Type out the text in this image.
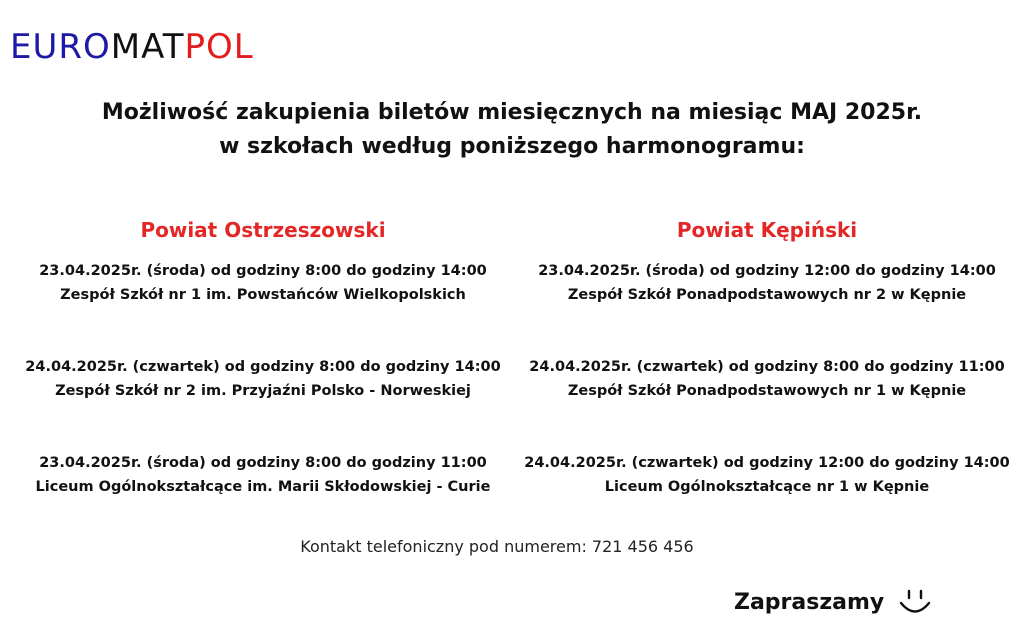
EUROMATPOL
Możliwość zakupienia biletów miesięcznych na miesiąc MAJ 2025r.
w szkołach według poniższego harmonogramu:
Powiat Ostrzeszowski
23.04.2025r. (środa) od godziny 8:00 do godziny 14:00
Zespół Szkół nr 1 im. Powstańców Wielkopolskich
24.04.2025r. (czwartek) od godziny 8:00 do godziny 14:00
Zespół Szkół nr 2 im. Przyjaźni Polsko - Norweskiej
23.04.2025r. (środa) od godziny 8:00 do godziny 11:00
Liceum Ogólnokształcące im. Marii Skłodowskiej - Curie
Powiat Kępiński
23.04.2025r. (środa) od godziny 12:00 do godziny 14:00
Zespół Szkół Ponadpodstawowych nr 2 w Kępnie
24.04.2025r. (czwartek) od godziny 8:00 do godziny 11:00
Zespół Szkół Ponadpodstawowych nr 1 w Kępnie
24.04.2025r. (czwartek) od godziny 12:00 do godziny 14:00
Liceum Ogólnokształcące nr 1 w Kępnie
Kontakt telefoniczny pod numerem: 721 456 456
Zapraszamy
